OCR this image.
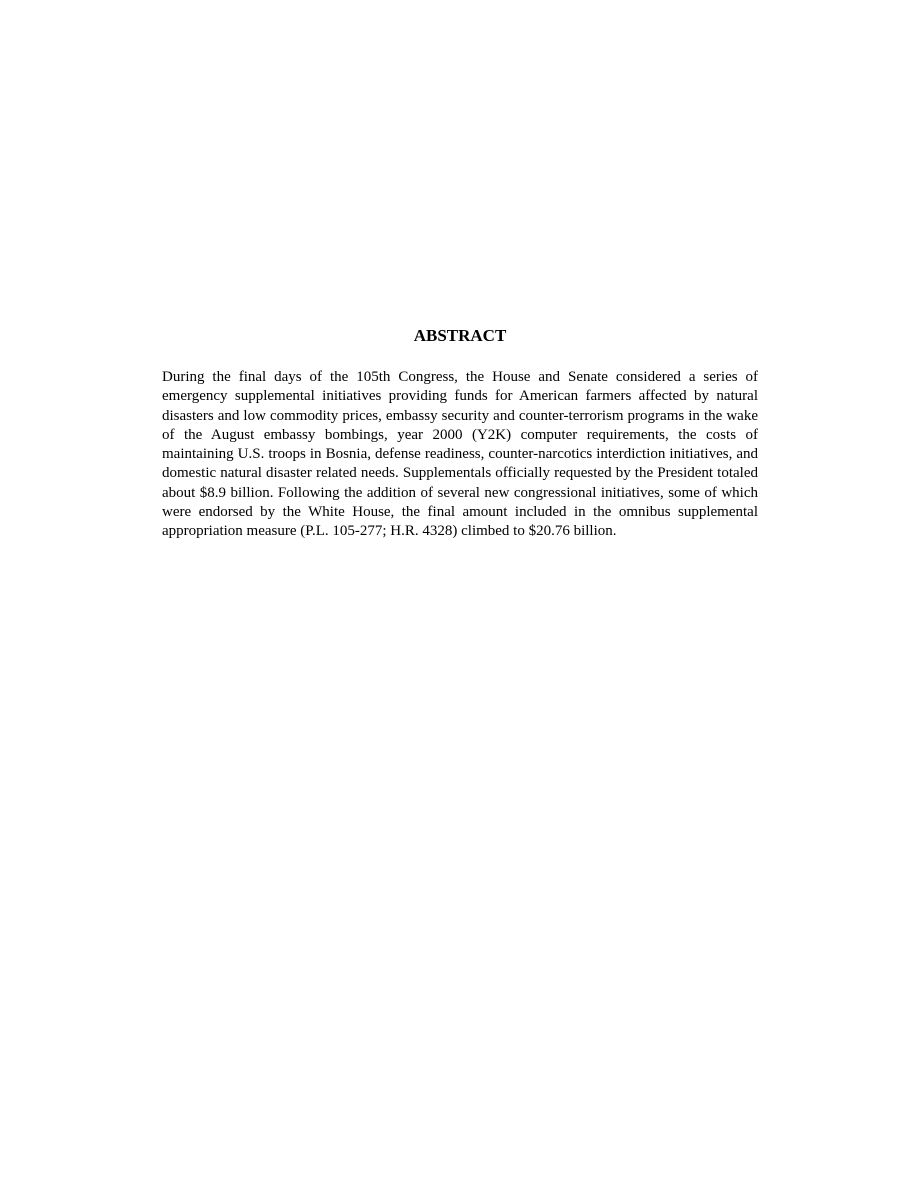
ABSTRACT

During the final days of the 105th Congress, the House and Senate considered a series of emergency supplemental initiatives providing funds for American farmers affected by natural disasters and low commodity prices, embassy security and counter-terrorism programs in the wake of the August embassy bombings, year 2000 (Y2K) computer requirements, the costs of maintaining U.S. troops in Bosnia, defense readiness, counter-narcotics interdiction initiatives, and domestic natural disaster related needs. Supplementals officially requested by the President totaled about $8.9 billion. Following the addition of several new congressional initiatives, some of which were endorsed by the White House, the final amount included in the omnibus supplemental appropriation measure (P.L. 105-277; H.R. 4328) climbed to $20.76 billion.
